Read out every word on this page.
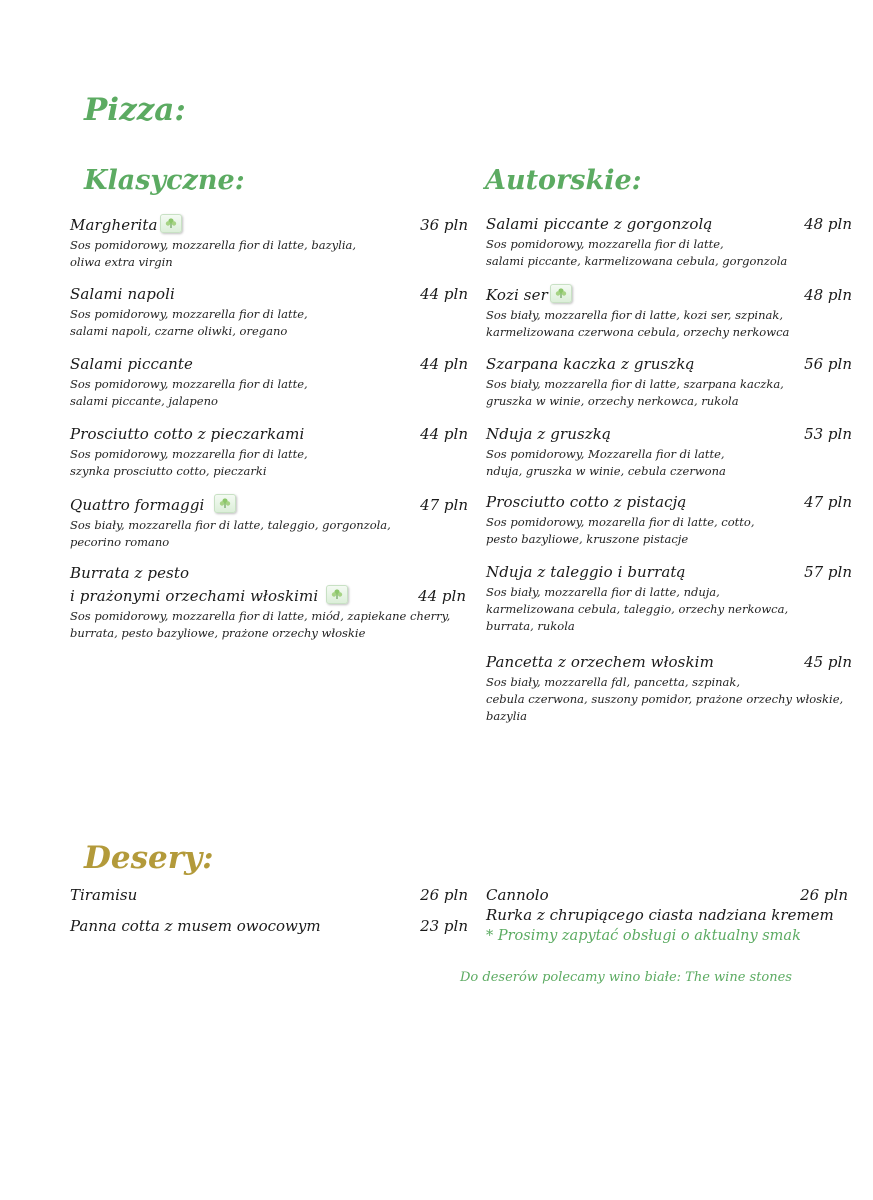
Pizza:
Klasyczne:	Autorskie:
Margherita	36 pln
Sos pomidorowy, mozzarella fior di latte, bazylia,
oliwa extra virgin
Salami napoli	44 pln
Sos pomidorowy, mozzarella fior di latte,
salami napoli, czarne oliwki, oregano
Salami piccante	44 pln
Sos pomidorowy, mozzarella fior di latte,
salami piccante, jalapeno
Prosciutto cotto z pieczarkami	44 pln
Sos pomidorowy, mozzarella fior di latte,
szynka prosciutto cotto, pieczarki
Quattro formaggi	47 pln
Sos biały, mozzarella fior di latte, taleggio, gorgonzola,
pecorino romano
Burrata z pesto
i prażonymi orzechami włoskimi	44 pln
Sos pomidorowy, mozzarella fior di latte, miód, zapiekane cherry,
burrata, pesto bazyliowe, prażone orzechy włoskie
Salami piccante z gorgonzolą	48 pln
Sos pomidorowy, mozzarella fior di latte,
salami piccante, karmelizowana cebula, gorgonzola
Kozi ser	48 pln
Sos biały, mozzarella fior di latte, kozi ser, szpinak,
karmelizowana czerwona cebula, orzechy nerkowca
Szarpana kaczka z gruszką	56 pln
Sos biały, mozzarella fior di latte, szarpana kaczka,
gruszka w winie, orzechy nerkowca, rukola
Nduja z gruszką	53 pln
Sos pomidorowy, Mozzarella fior di latte,
nduja, gruszka w winie, cebula czerwona
Prosciutto cotto z pistacją	47 pln
Sos pomidorowy, mozarella fior di latte, cotto,
pesto bazyliowe, kruszone pistacje
Nduja z taleggio i burratą	57 pln
Sos biały, mozzarella fior di latte, nduja,
karmelizowana cebula, taleggio, orzechy nerkowca,
burrata, rukola
Pancetta z orzechem włoskim	45 pln
Sos biały, mozzarella fdl, pancetta, szpinak,
cebula czerwona, suszony pomidor, prażone orzechy włoskie,
bazylia
Desery:
Tiramisu	26 pln
Panna cotta z musem owocowym	23 pln
Cannolo	26 pln
Rurka z chrupiącego ciasta nadziana kremem
* Prosimy zapytać obsługi o aktualny smak
Do deserów polecamy wino białe: The wine stones
